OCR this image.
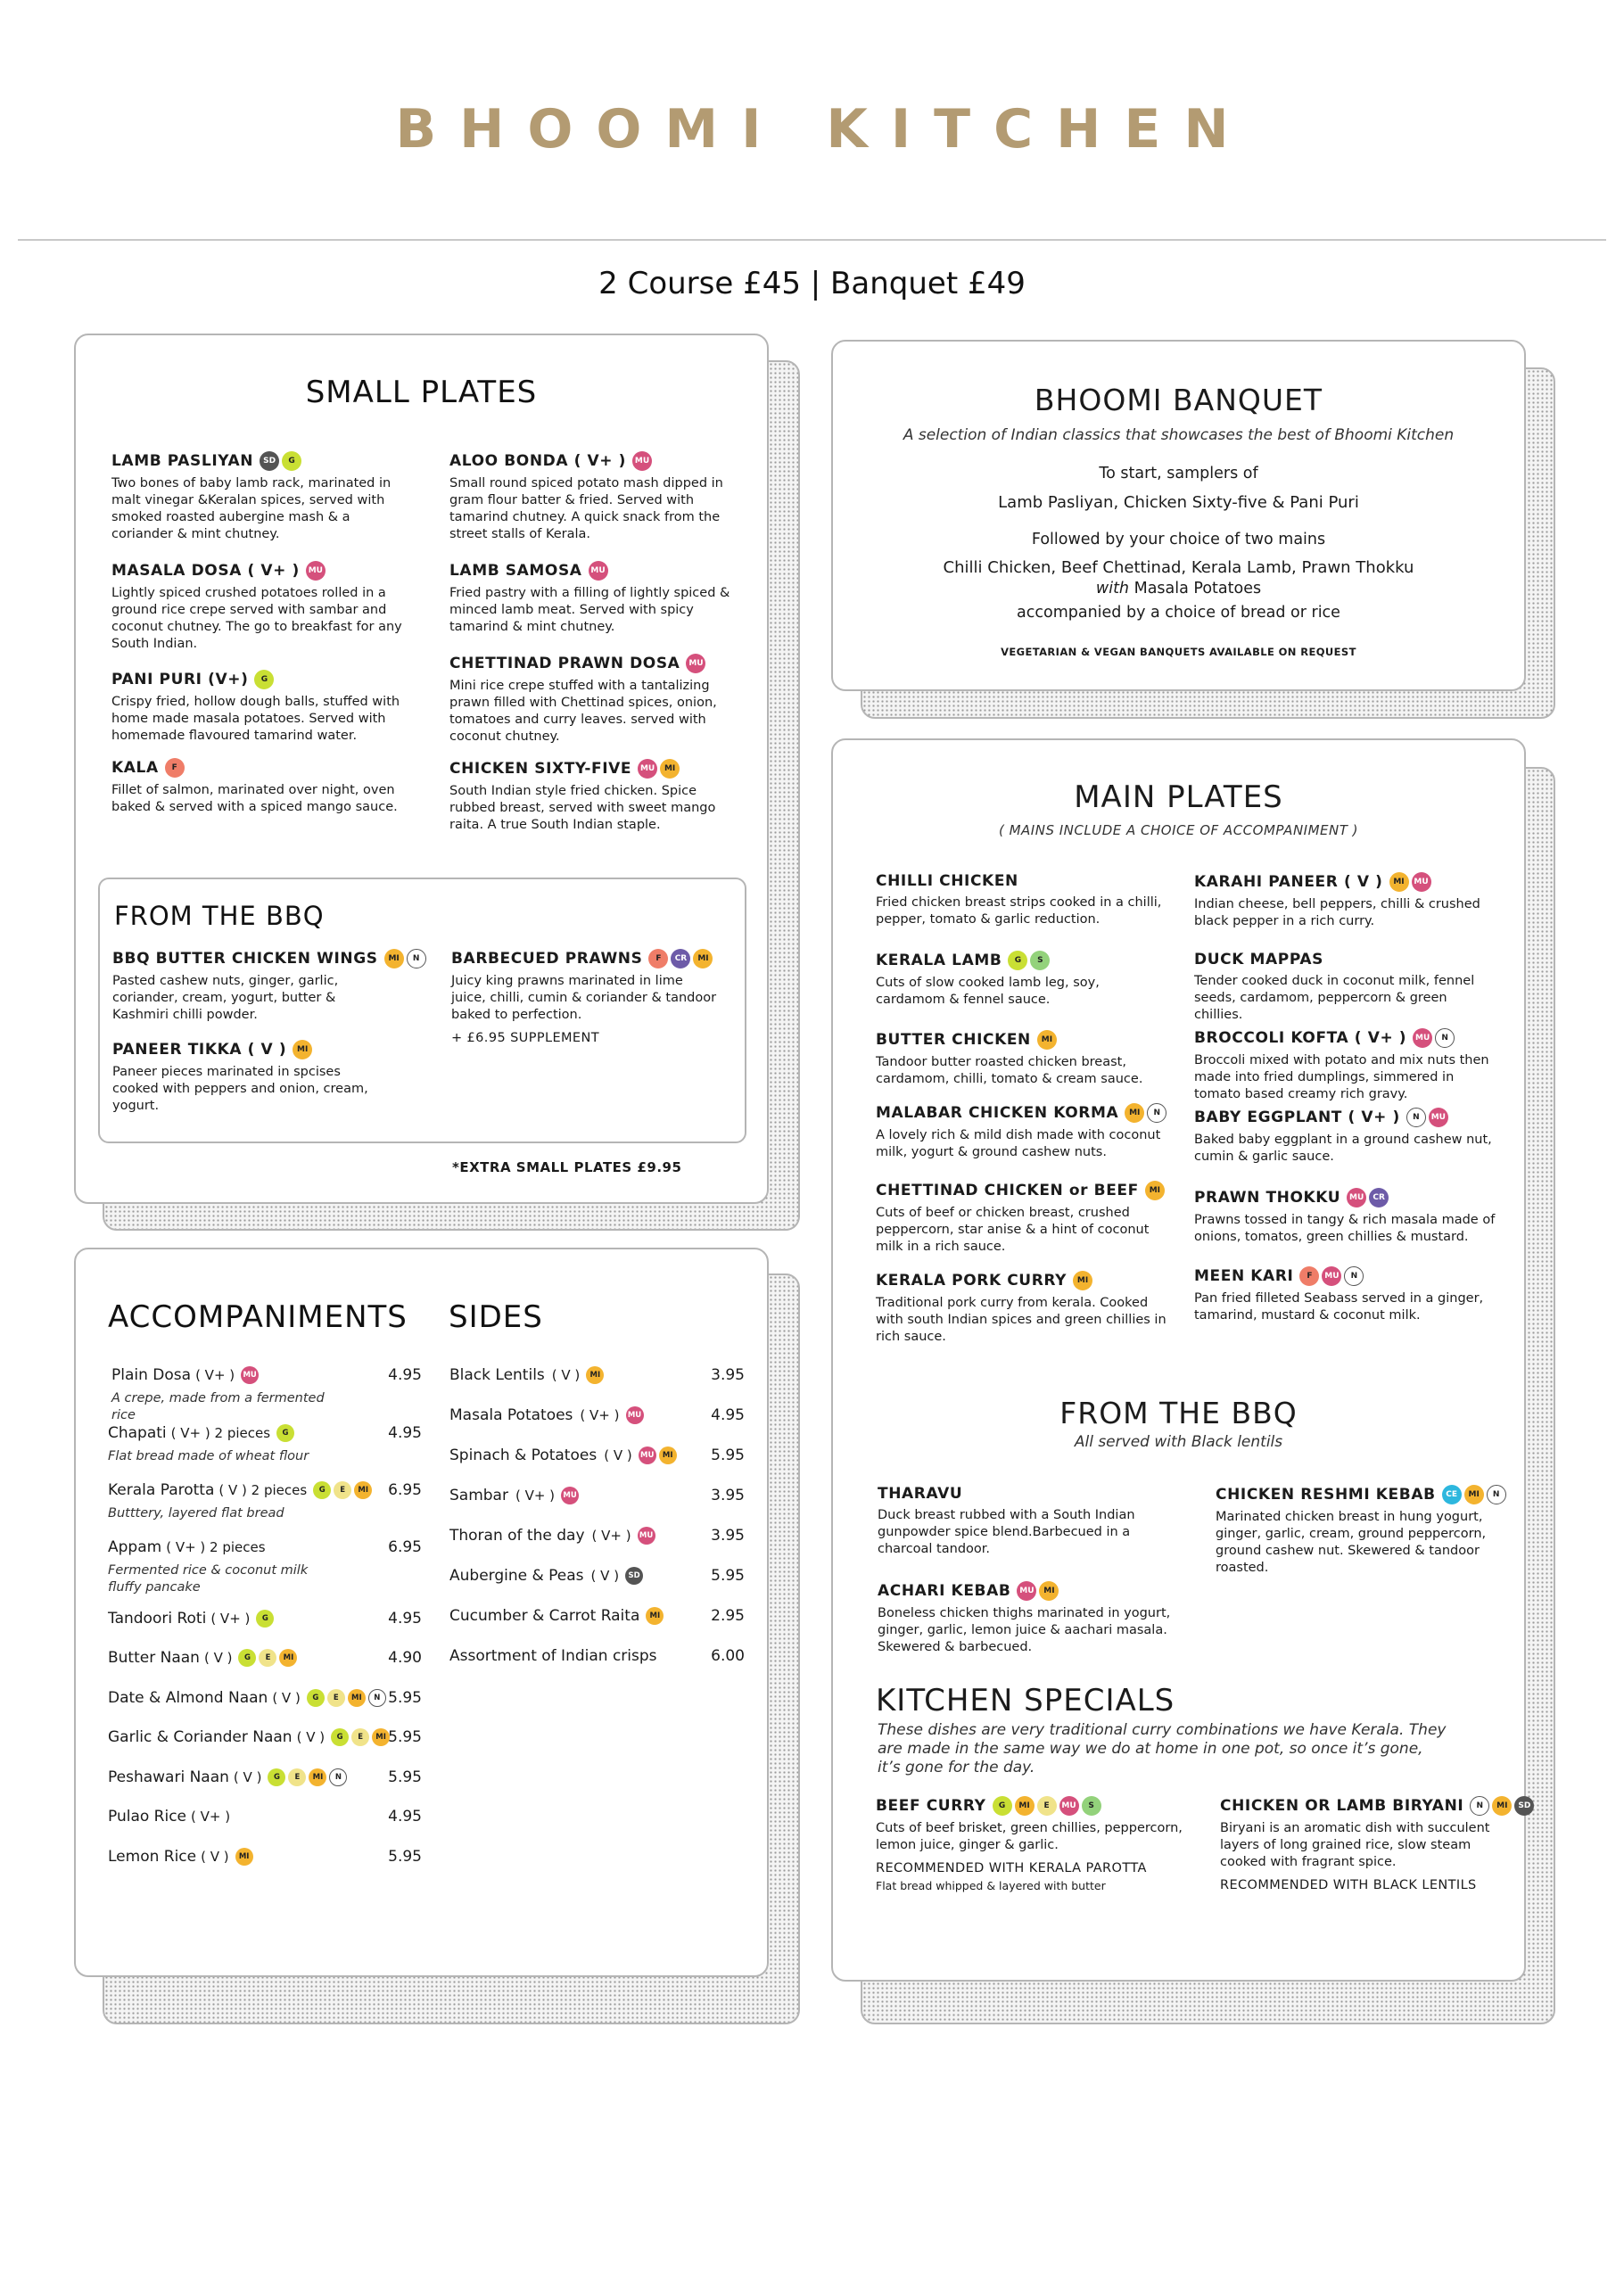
BHOOMI KITCHEN
2 Course £45 | Banquet £49
SMALL PLATES
LAMB PASLIYAN	SD	G
Two bones of baby lamb rack, marinated in malt vinegar &Keralan spices, served with smoked roasted aubergine mash & a coriander & mint chutney.
MASALA DOSA ( V+ )	MU
Lightly spiced crushed potatoes rolled in a ground rice crepe served with sambar and coconut chutney. The go to breakfast for any South Indian.
PANI PURI (V+)	G
Crispy fried, hollow dough balls, stuffed with home made masala potatoes. Served with homemade flavoured tamarind water.
KALA	F
Fillet of salmon, marinated over night, oven baked & served with a spiced mango sauce.
ALOO BONDA ( V+ )	MU
Small round spiced potato mash dipped in gram flour batter & fried. Served with tamarind chutney. A quick snack from the street stalls of Kerala.
LAMB SAMOSA	MU
Fried pastry with a filling of lightly spiced & minced lamb meat. Served with spicy tamarind & mint chutney.
CHETTINAD PRAWN DOSA	MU
Mini rice crepe stuffed with a tantalizing prawn filled with Chettinad spices, onion, tomatoes and curry leaves. served with coconut chutney.
CHICKEN SIXTY-FIVE	MU	MI
South Indian style fried chicken. Spice rubbed breast, served with sweet mango raita. A true South Indian staple.
FROM THE BBQ
BBQ BUTTER CHICKEN WINGS	MI	N
Pasted cashew nuts, ginger, garlic, coriander, cream, yogurt, butter & Kashmiri chilli powder.
PANEER TIKKA ( V )	MI
Paneer pieces marinated in spcises cooked with peppers and onion, cream, yogurt.
BARBECUED PRAWNS	F	CR	MI
Juicy king prawns marinated in lime juice, chilli, cumin & coriander & tandoor baked to perfection.
+ £6.95 SUPPLEMENT
*EXTRA SMALL PLATES £9.95
BHOOMI BANQUET
A selection of Indian classics that showcases the best of Bhoomi Kitchen
To start, samplers of
Lamb Pasliyan, Chicken Sixty-five & Pani Puri
Followed by your choice of two mains
Chilli Chicken, Beef Chettinad, Kerala Lamb, Prawn Thokku
with Masala Potatoes
accompanied by a choice of bread or rice
VEGETARIAN & VEGAN BANQUETS AVAILABLE ON REQUEST
ACCOMPANIMENTS SIDES
Plain Dosa ( V+ ) MU	4.95
A crepe, made from a fermented rice
Chapati ( V+ ) 2 pieces	G	4.95
Flat bread made of wheat flour
Kerala Parotta ( V ) 2 pieces	G	E	MI	6.95
Butttery, layered flat bread
Appam ( V+ ) 2 pieces	6.95
Fermented rice & coconut milk fluffy pancake
Tandoori Roti ( V+ )	G	4.95
Butter Naan ( V )	G	E	MI	4.90
Date & Almond Naan ( V )	G	E	MI	N 5.95
Garlic & Coriander Naan ( V )	G	E	MI 5.95
Peshawari Naan ( V )	G	E	MI	N	5.95
Pulao Rice ( V+ )	4.95
Lemon Rice ( V )	MI	5.95
Black Lentils ( V )	MI	3.95
Masala Potatoes ( V+ ) MU	4.95
Spinach & Potatoes ( V ) MU	MI	5.95
Sambar ( V+ ) MU	3.95
Thoran of the day ( V+ ) MU	3.95
Aubergine & Peas ( V )	SD	5.95
Cucumber & Carrot Raita	MI	2.95
Assortment of Indian crisps	6.00
MAIN PLATES
( MAINS INCLUDE A CHOICE OF ACCOMPANIMENT )
CHILLI CHICKEN
Fried chicken breast strips cooked in a chilli, pepper, tomato & garlic reduction.
KERALA LAMB	G	S
Cuts of slow cooked lamb leg, soy, cardamom & fennel sauce.
BUTTER CHICKEN	MI
Tandoor butter roasted chicken breast, cardamom, chilli, tomato & cream sauce.
MALABAR CHICKEN KORMA	MI	N
A lovely rich & mild dish made with coconut milk, yogurt & ground cashew nuts.
CHETTINAD CHICKEN or BEEF	MI
Cuts of beef or chicken breast, crushed peppercorn, star anise & a hint of coconut milk in a rich sauce.
KERALA PORK CURRY	MI
Traditional pork curry from kerala. Cooked with south Indian spices and green chillies in rich sauce.
KARAHI PANEER ( V )	MI	MU
Indian cheese, bell peppers, chilli & crushed black pepper in a rich curry.
DUCK MAPPAS
Tender cooked duck in coconut milk, fennel seeds, cardamom, peppercorn & green chillies.
BROCCOLI KOFTA ( V+ )	MU	N
Broccoli mixed with potato and mix nuts then made into fried dumplings, simmered in tomato based creamy rich gravy.
BABY EGGPLANT ( V+ )	N	MU
Baked baby eggplant in a ground cashew nut, cumin & garlic sauce.
PRAWN THOKKU	MU	CR
Prawns tossed in tangy & rich masala made of onions, tomatos, green chillies & mustard.
MEEN KARI	F	MU	N
Pan fried filleted Seabass served in a ginger, tamarind, mustard & coconut milk.
FROM THE BBQ
All served with Black lentils
THARAVU
Duck breast rubbed with a South Indian gunpowder spice blend.Barbecued in a charcoal tandoor.
ACHARI KEBAB	MU	MI
Boneless chicken thighs marinated in yogurt, ginger, garlic, lemon juice & aachari masala. Skewered & barbecued.
CHICKEN RESHMI KEBAB	CE	MI	N
Marinated chicken breast in hung yogurt, ginger, garlic, cream, ground peppercorn, ground cashew nut. Skewered & tandoor roasted.
KITCHEN SPECIALS
These dishes are very traditional curry combinations we have Kerala. They are made in the same way we do at home in one pot, so once it’s gone, it’s gone for the day.
BEEF CURRY	G	MI	E	MU	S
Cuts of beef brisket, green chillies, peppercorn, lemon juice, ginger & garlic.
RECOMMENDED WITH KERALA PAROTTA
Flat bread whipped & layered with butter
CHICKEN OR LAMB BIRYANI	N	MI	SD
Biryani is an aromatic dish with succulent layers of long grained rice, slow steam cooked with fragrant spice.
RECOMMENDED WITH BLACK LENTILS
